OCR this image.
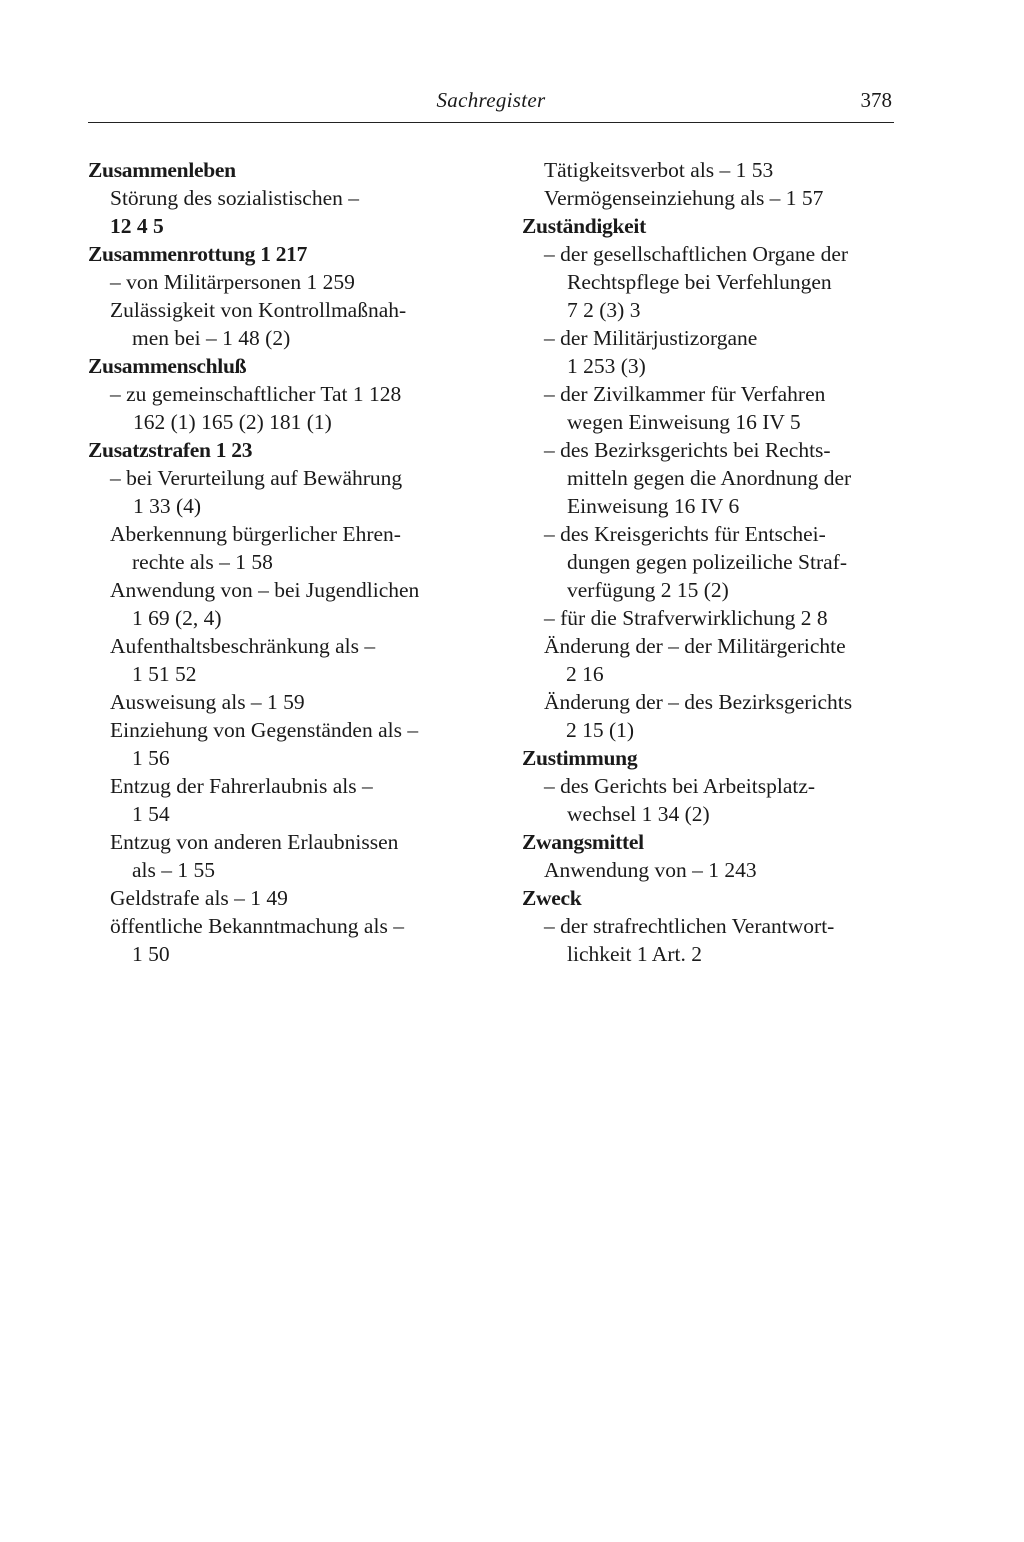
Sachregister	378
Zusammenleben
Störung des sozialistischen –
12 4 5
Zusammenrottung 1 217
– von Militärpersonen 1 259
Zulässigkeit von Kontrollmaßnah-
men bei – 1 48 (2)
Zusammenschluß
– zu gemeinschaftlicher Tat 1 128
162 (1) 165 (2) 181 (1)
Zusatzstrafen 1 23
– bei Verurteilung auf Bewährung
1 33 (4)
Aberkennung bürgerlicher Ehren-
rechte als – 1 58
Anwendung von – bei Jugendlichen
1 69 (2, 4)
Aufenthaltsbeschränkung als –
1 51 52
Ausweisung als – 1 59
Einziehung von Gegenständen als –
1 56
Entzug der Fahrerlaubnis als –
1 54
Entzug von anderen Erlaubnissen
als – 1 55
Geldstrafe als – 1 49
öffentliche Bekanntmachung als –
1 50
Tätigkeitsverbot als – 1 53
Vermögenseinziehung als – 1 57
Zuständigkeit
– der gesellschaftlichen Organe der
Rechtspflege bei Verfehlungen
7 2 (3) 3
– der Militärjustizorgane
1 253 (3)
– der Zivilkammer für Verfahren
wegen Einweisung 16 IV 5
– des Bezirksgerichts bei Rechts-
mitteln gegen die Anordnung der
Einweisung 16 IV 6
– des Kreisgerichts für Entschei-
dungen gegen polizeiliche Straf-
verfügung 2 15 (2)
– für die Strafverwirklichung 2 8
Änderung der – der Militärgerichte
2 16
Änderung der – des Bezirksgerichts
2 15 (1)
Zustimmung
– des Gerichts bei Arbeitsplatz-
wechsel 1 34 (2)
Zwangsmittel
Anwendung von – 1 243
Zweck
– der strafrechtlichen Verantwort-
lichkeit 1 Art. 2
